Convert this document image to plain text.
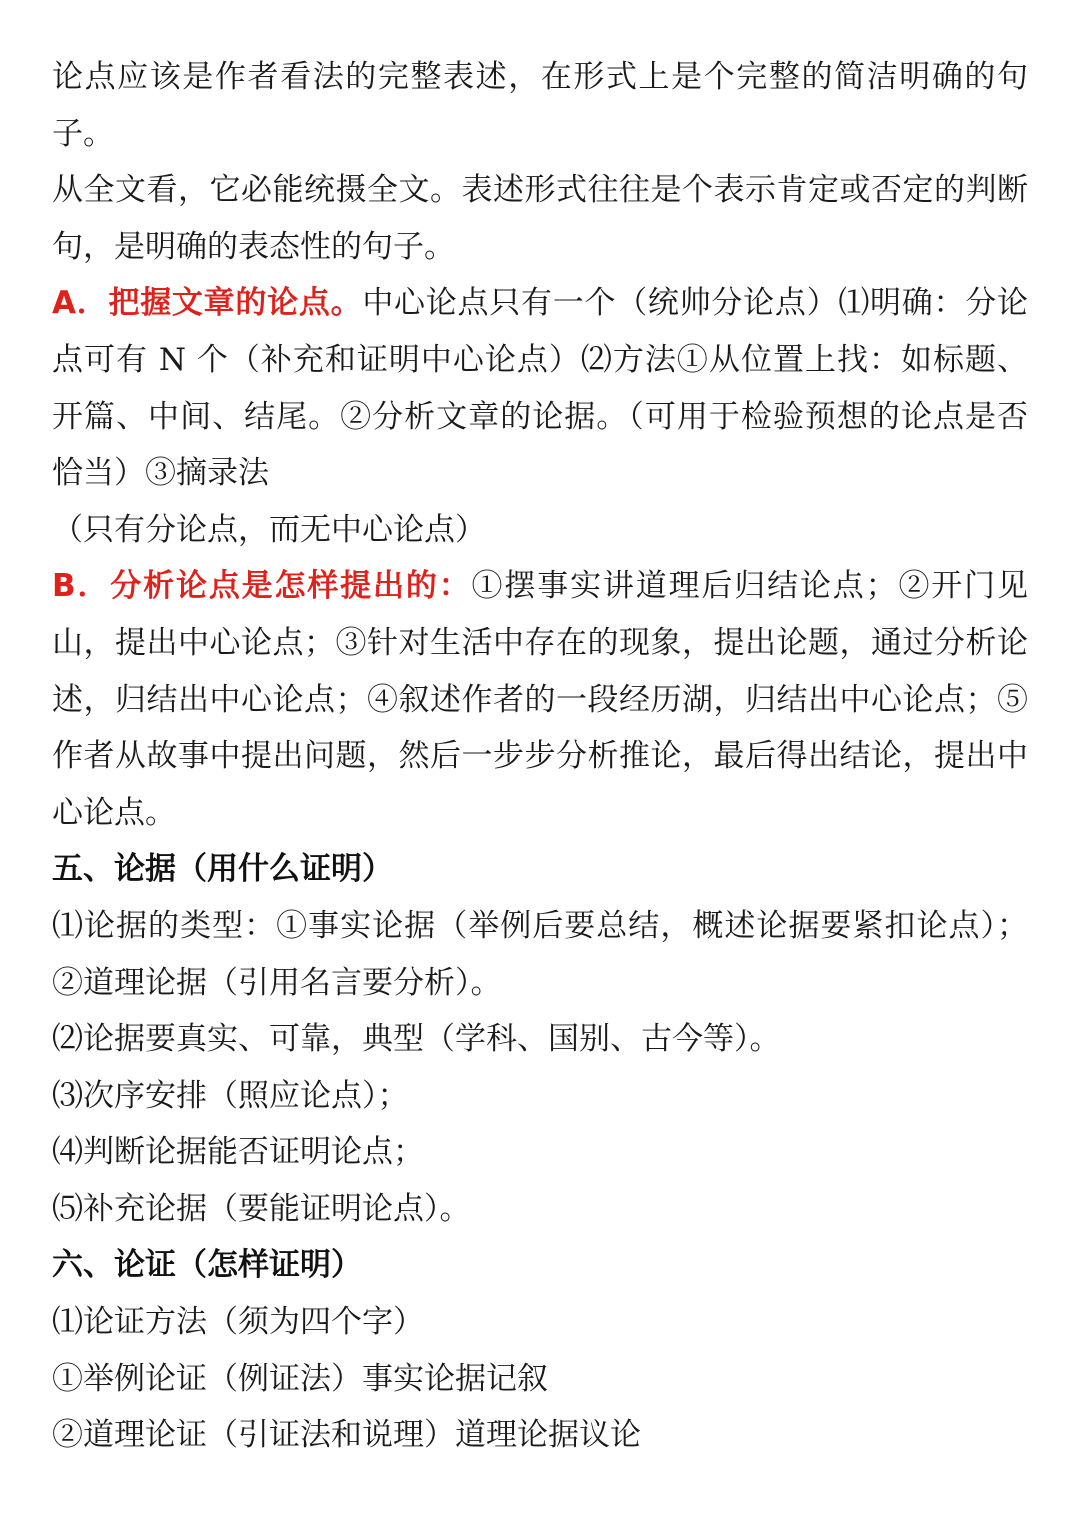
论点应该是作者看法的完整表述，在形式上是个完整的简洁明确的句子。

从全文看，它必能统摄全文。表述形式往往是个表示肯定或否定的判断句，是明确的表态性的句子。

A．把握文章的论点。中心论点只有一个（统帅分论点）⑴明确：分论点可有 N 个（补充和证明中心论点）⑵方法①从位置上找：如标题、开篇、中间、结尾。②分析文章的论据。（可用于检验预想的论点是否恰当）③摘录法

（只有分论点，而无中心论点）

B．分析论点是怎样提出的：①摆事实讲道理后归结论点；②开门见山，提出中心论点；③针对生活中存在的现象，提出论题，通过分析论述，归结出中心论点；④叙述作者的一段经历湖，归结出中心论点；⑤作者从故事中提出问题，然后一步步分析推论，最后得出结论，提出中心论点。

五、论据（用什么证明）

⑴论据的类型：①事实论据（举例后要总结，概述论据要紧扣论点）；②道理论据（引用名言要分析）。

⑵论据要真实、可靠，典型（学科、国别、古今等）。

⑶次序安排（照应论点）；

⑷判断论据能否证明论点；

⑸补充论据（要能证明论点）。

六、论证（怎样证明）

⑴论证方法（须为四个字）

①举例论证（例证法）事实论据记叙

②道理论证（引证法和说理）道理论据议论
